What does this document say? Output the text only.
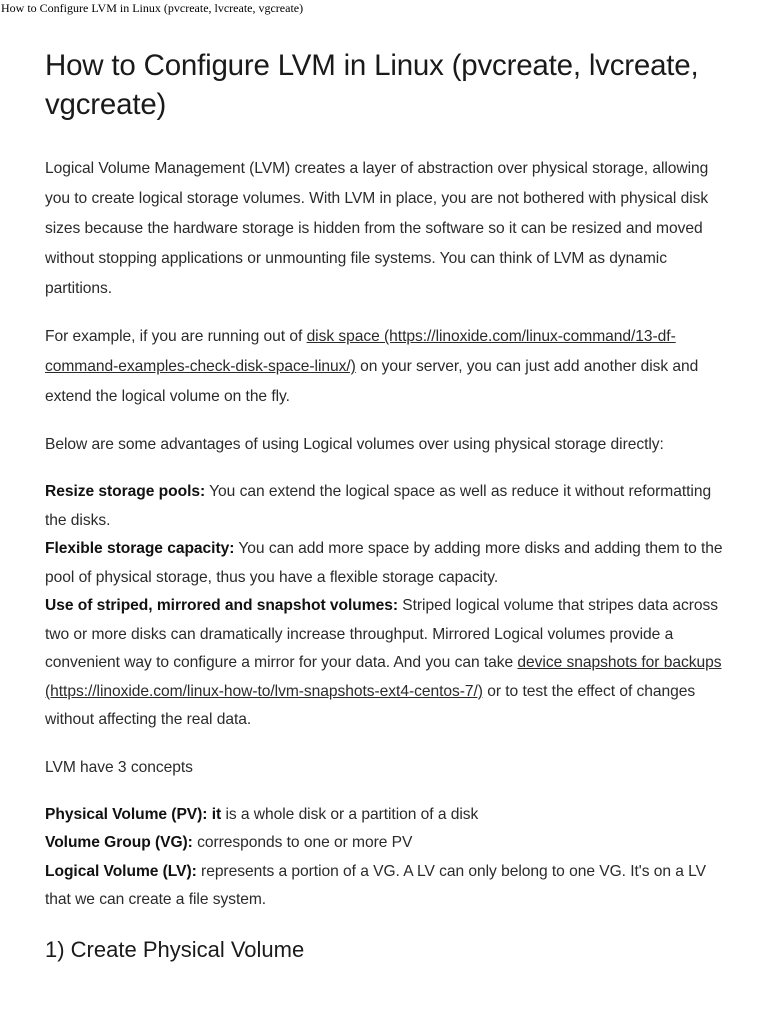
How to Configure LVM in Linux (pvcreate, lvcreate, vgcreate)
How to Configure LVM in Linux (pvcreate, lvcreate, vgcreate)

Logical Volume Management (LVM) creates a layer of abstraction over physical storage, allowing you to create logical storage volumes. With LVM in place, you are not bothered with physical disk sizes because the hardware storage is hidden from the software so it can be resized and moved without stopping applications or unmounting file systems. You can think of LVM as dynamic partitions.

For example, if you are running out of disk space (https://linoxide.com/linux-command/13-df-command-examples-check-disk-space-linux/) on your server, you can just add another disk and extend the logical volume on the fly.

Below are some advantages of using Logical volumes over using physical storage directly:

Resize storage pools: You can extend the logical space as well as reduce it without reformatting the disks.
Flexible storage capacity: You can add more space by adding more disks and adding them to the pool of physical storage, thus you have a flexible storage capacity.
Use of striped, mirrored and snapshot volumes: Striped logical volume that stripes data across two or more disks can dramatically increase throughput. Mirrored Logical volumes provide a convenient way to configure a mirror for your data. And you can take device snapshots for backups (https://linoxide.com/linux-how-to/lvm-snapshots-ext4-centos-7/) or to test the effect of changes without affecting the real data.

LVM have 3 concepts

Physical Volume (PV): it is a whole disk or a partition of a disk
Volume Group (VG): corresponds to one or more PV
Logical Volume (LV): represents a portion of a VG. A LV can only belong to one VG. It's on a LV that we can create a file system.
1) Create Physical Volume
